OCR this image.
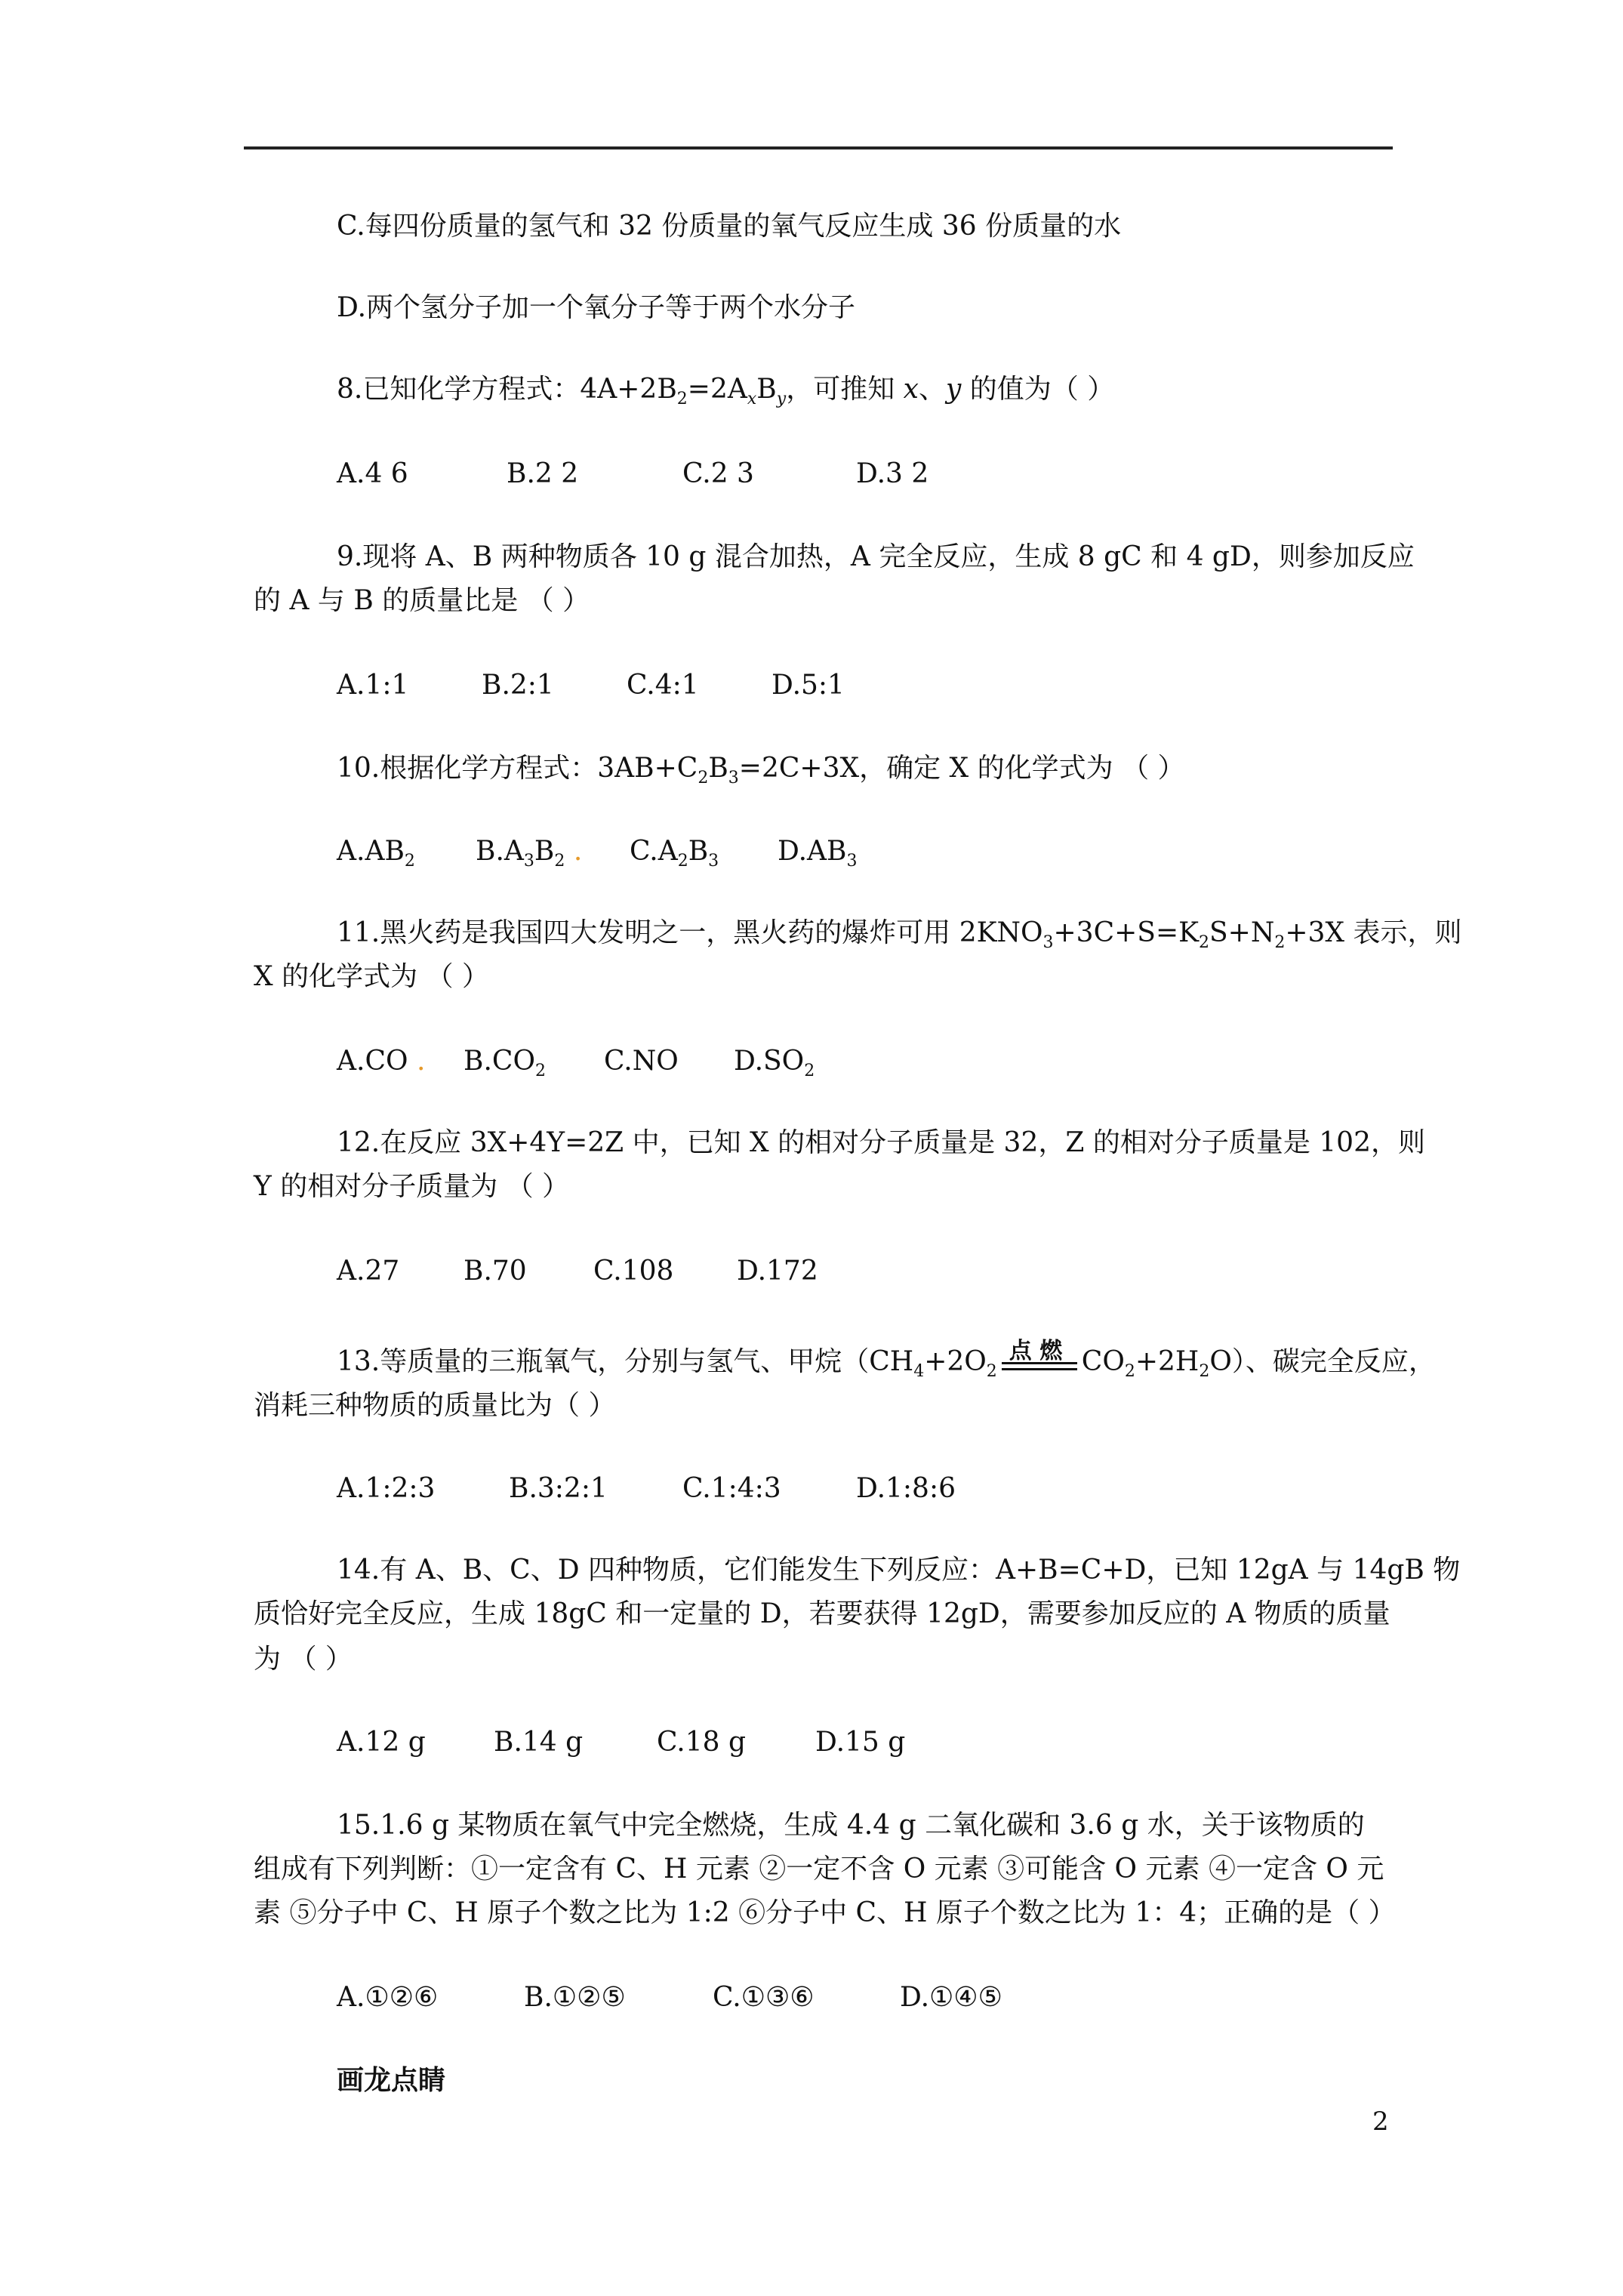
C.每四份质量的氢气和 32 份质量的氧气反应生成 36 份质量的水
D.两个氢分子加一个氧分子等于两个水分子
8.已知化学方程式：$4A+2B_2=2A_xB_y$，可推知 x、y 的值为（ ）
A.4 6	B.2 2	C.2 3	D.3 2
9.现将 A、B 两种物质各 10 g 混合加热，A 完全反应，生成 8 gC 和 4 gD，则参加反应
的 A 与 B 的质量比是 （ ）
A.1:1	B.2:1	C.4:1	D.5:1
10.根据化学方程式：$3AB+C_2B_3=2C+3X$，确定 X 的化学式为 （ ）
$A.AB_2$ $B.A_3B_2$ . $C.A_2B_3$ $D.AB_3$
11.黑火药是我国四大发明之一，黑火药的爆炸可用 $2KNO_3+3C+S=K_2S+N_2+3X$ 表示，则
X 的化学式为 （ ）
A.CO . $B.CO_2$ C.NO $D.SO_2$
12.在反应 3X+4Y=2Z 中，已知 X 的相对分子质量是 32，Z 的相对分子质量是 102，则
Y 的相对分子质量为 （ ）
A.27 B.70 C.108 D.172
13.等质量的三瓶氧气，分别与氢气、甲烷（$CH_4+2O_2$
点 燃 $CO_2+2H_2O$）、碳完全反应，
消耗三种物质的质量比为（ ）
A.1:2:3	B.3:2:1	C.1:4:3	D.1:8:6
14.有 A、B、C、D 四种物质，它们能发生下列反应：A+B=C+D，已知 12gA 与 14gB 物
质恰好完全反应，生成 18gC 和一定量的 D，若要获得 12gD，需要参加反应的 A 物质的质量
为 （ ）
A.12 g	B.14 g	C.18 g	D.15 g
15.1.6 g 某物质在氧气中完全燃烧，生成 4.4 g 二氧化碳和 3.6 g 水，关于该物质的
组成有下列判断：①一定含有 C、H 元素 ②一定不含 O 元素 ③可能含 O 元素 ④一定含 O 元
素 ⑤分子中 C、H 原子个数之比为 1:2 ⑥分子中 C、H 原子个数之比为 1：4；正确的是（ ）
A.①②⑥	B.①②⑤	C.①③⑥	D.①④⑤
画龙点睛
2
